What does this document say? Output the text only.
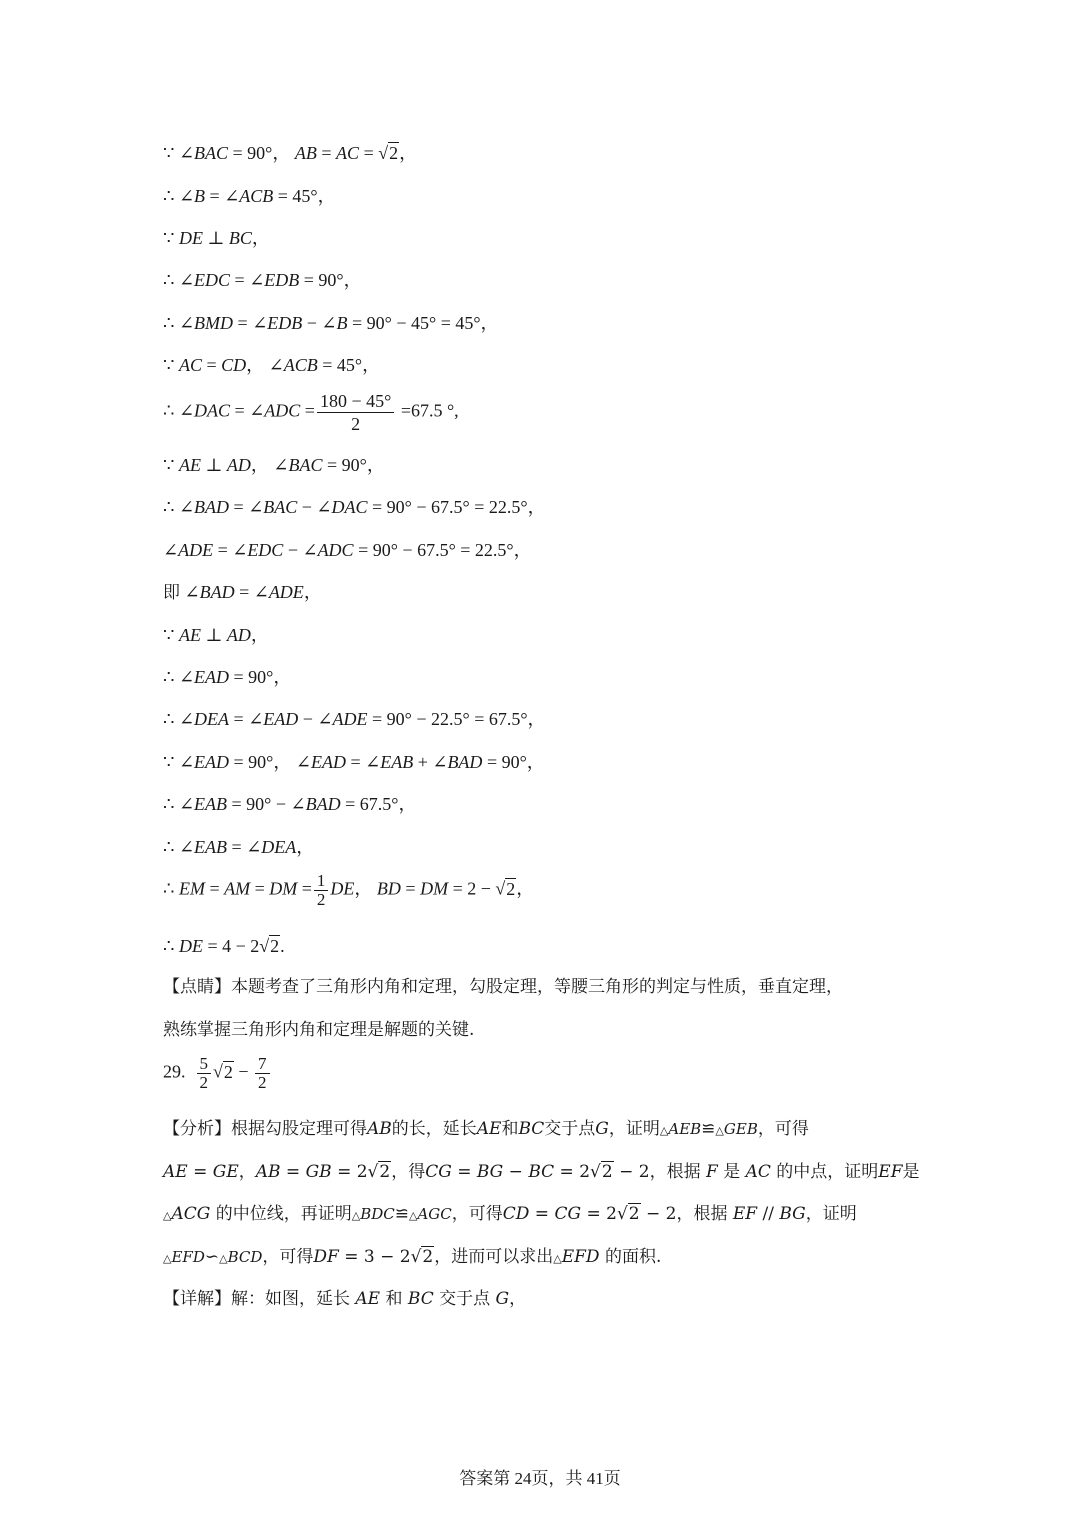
∵ ∠BAC = 90°， AB = AC = √2，
∴ ∠B = ∠ACB = 45°，
∵ DE ⊥ BC，
∴ ∠EDC = ∠EDB = 90°，
∴ ∠BMD = ∠EDB − ∠B = 90° − 45° = 45°，
∵ AC = CD， ∠ACB = 45°，
∴ ∠DAC = ∠ADC = $\frac{180 - 45^\circ}{2} =67.5$ °,
∵ AE ⊥ AD， ∠BAC = 90°，
∴ ∠BAD = ∠BAC − ∠DAC = 90° − 67.5° = 22.5°，
∠ADE = ∠EDC − ∠ADC = 90° − 67.5° = 22.5°，
即 ∠BAD = ∠ADE，
∵ AE ⊥ AD，
∴ ∠EAD = 90°，
∴ ∠DEA = ∠EAD − ∠ADE = 90° − 22.5° = 67.5°，
∵ ∠EAD = 90°， ∠EAD = ∠EAB + ∠BAD = 90°，
∴ ∠EAB = 90° − ∠BAD = 67.5°，
∴ ∠EAB = ∠DEA，
∴ EM = AM = DM = $\frac{1}{2}$ DE， BD = DM = 2 − √2，
∴ DE = 4 − 2√2.
【点睛】本题考查了三角形内角和定理，勾股定理，等腰三角形的判定与性质，垂直定理，
熟练掌握三角形内角和定理是解题的关键.
29. $\frac{5}{2} √2 - \frac{7}{2}$
【分析】根据勾股定理可得AB的长，延长AE和BC交于点G，证明△AEB≌△GEB，可得
AE = GE，AB = GB = 2√2，得CG = BG − BC = 2√2 − 2，根据 F 是 AC 的中点，证明EF是
△ACG 的中位线，再证明△BDC≌△AGC，可得CD = CG = 2√2 − 2，根据 EF // BG，证明
△EFD∽△BCD，可得DF = 3 − 2√2，进而可以求出△EFD 的面积.
【详解】解：如图，延长 AE 和 BC 交于点 G，
答案第 24页，共 41页
